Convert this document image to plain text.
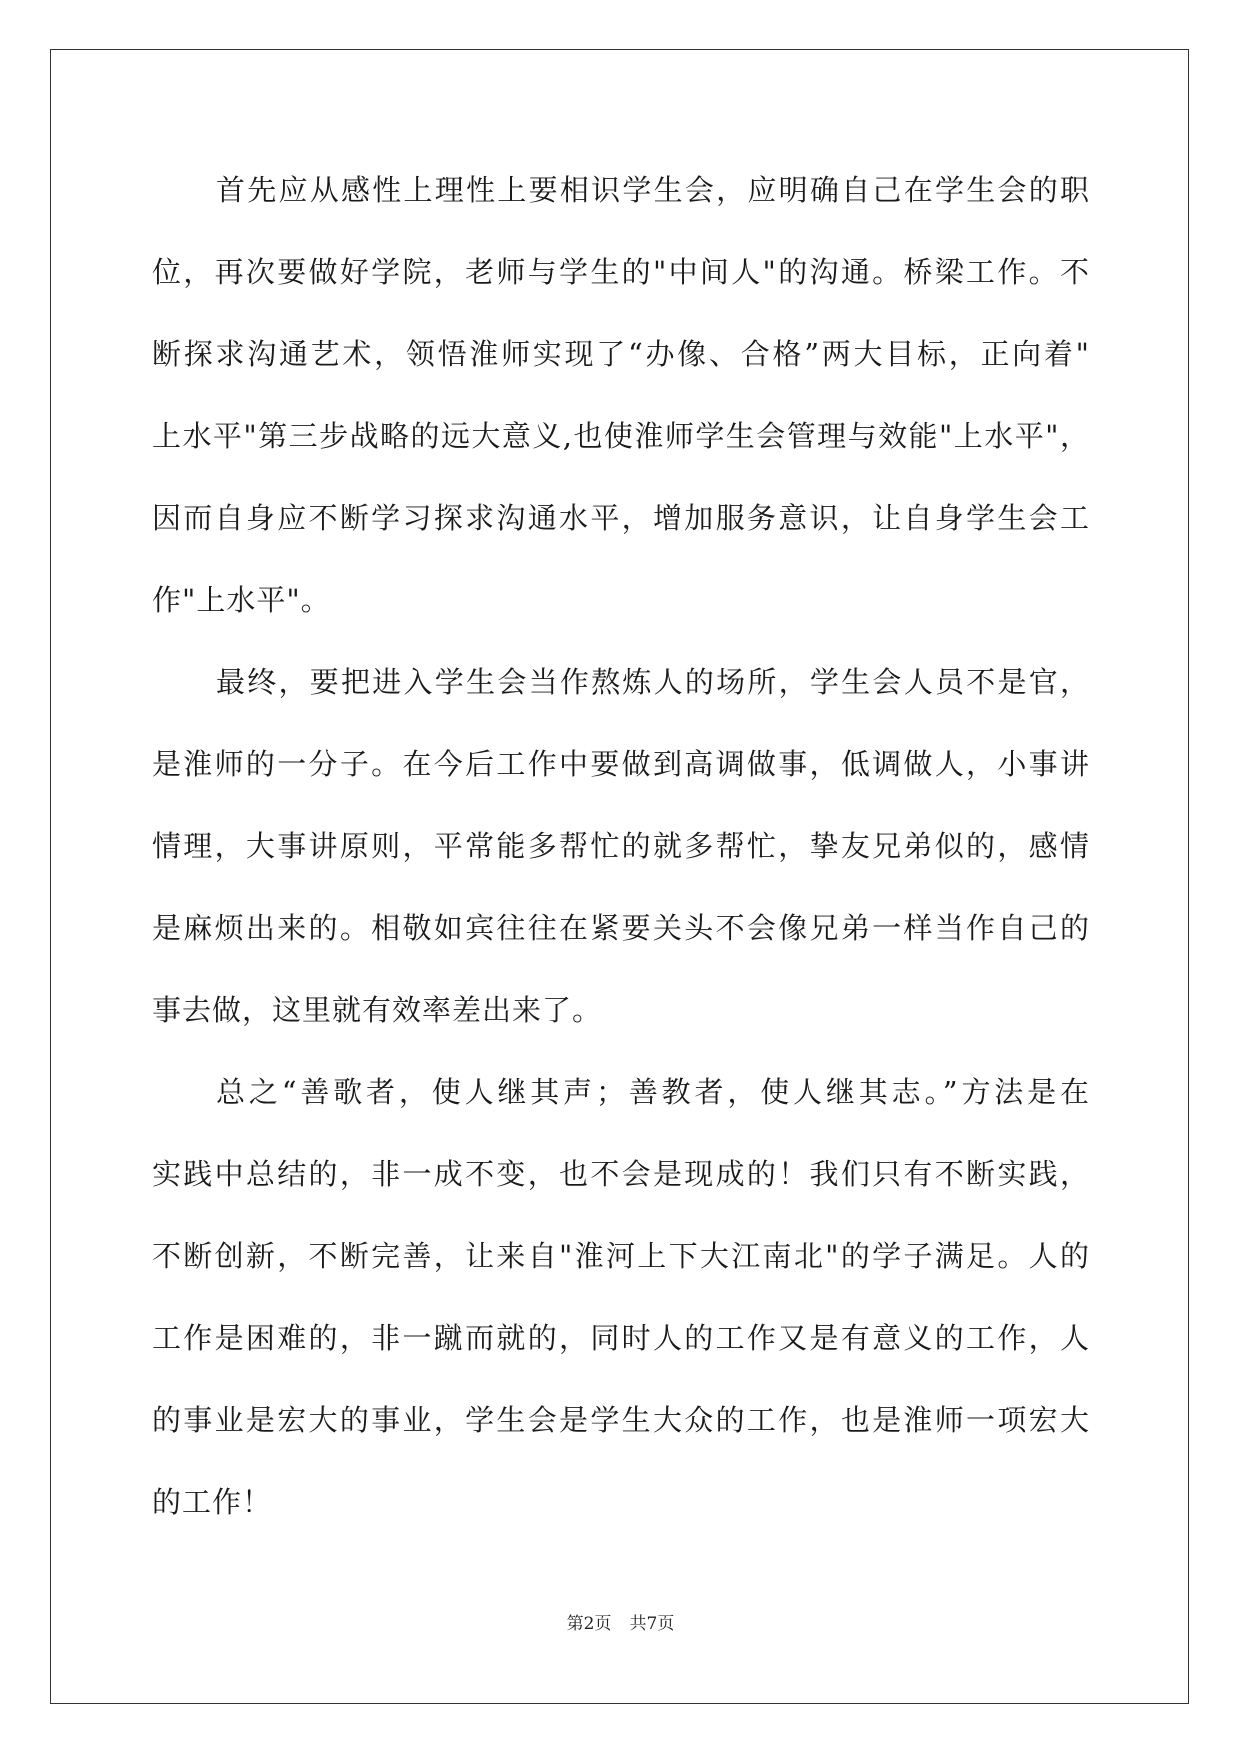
首先应从感性上理性上要相识学生会，应明确自己在学生会的职
位，再次要做好学院，老师与学生的"中间人"的沟通。桥梁工作。不
断探求沟通艺术，领悟淮师实现了“办像、合格”两大目标，正向着"
上水平"第三步战略的远大意义,也使淮师学生会管理与效能"上水平"，
因而自身应不断学习探求沟通水平，增加服务意识，让自身学生会工
作"上水平"。
最终，要把进入学生会当作熬炼人的场所，学生会人员不是官，
是淮师的一分子。在今后工作中要做到高调做事，低调做人，小事讲
情理，大事讲原则，平常能多帮忙的就多帮忙，挚友兄弟似的，感情
是麻烦出来的。相敬如宾往往在紧要关头不会像兄弟一样当作自己的
事去做，这里就有效率差出来了。
总之“善歌者，使人继其声；善教者，使人继其志。”方法是在
实践中总结的，非一成不变，也不会是现成的！我们只有不断实践，
不断创新，不断完善，让来自"淮河上下大江南北"的学子满足。人的
工作是困难的，非一蹴而就的，同时人的工作又是有意义的工作，人
的事业是宏大的事业，学生会是学生大众的工作，也是淮师一项宏大
的工作！
第2页 共7页
